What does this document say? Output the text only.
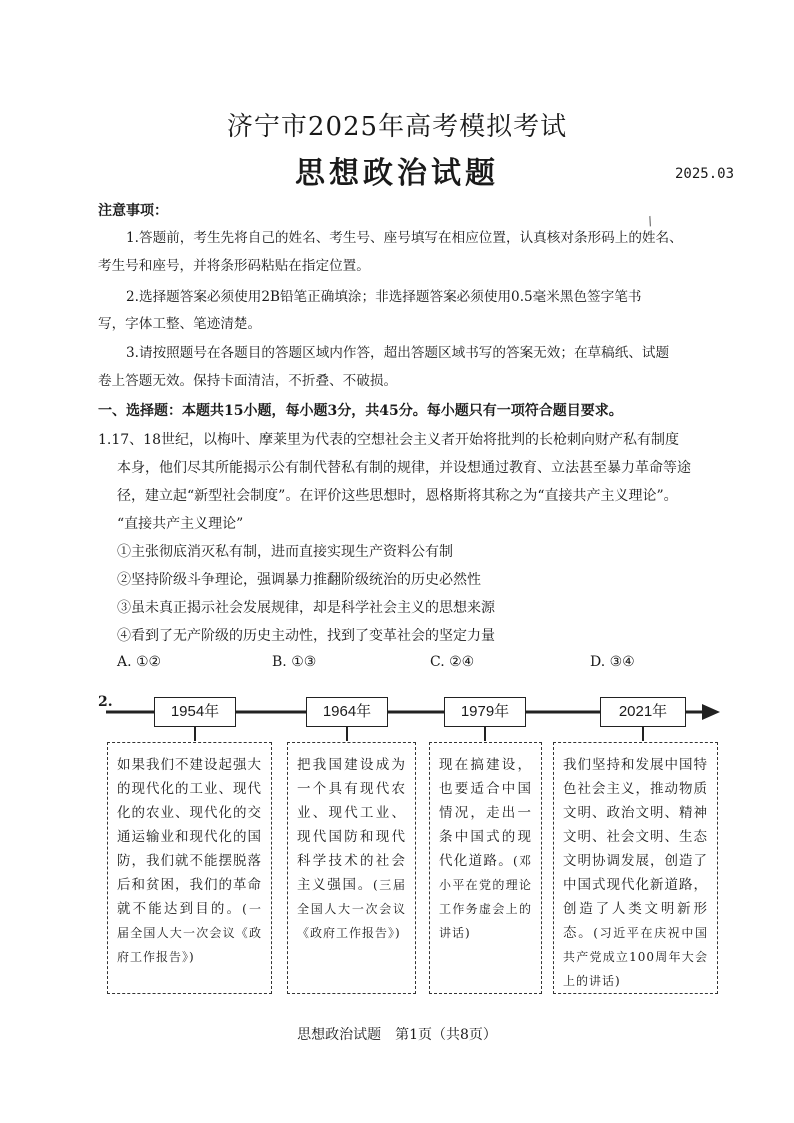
济宁市2025年高考模拟考试
思想政治试题	2025.03
/
注意事项：
1.答题前，考生先将自己的姓名、考生号、座号填写在相应位置，认真核对条形码上的姓名、
考生号和座号，并将条形码粘贴在指定位置。
2.选择题答案必须使用2B铅笔正确填涂；非选择题答案必须使用0.5毫米黑色签字笔书
写，字体工整、笔迹清楚。
3.请按照题号在各题目的答题区域内作答，超出答题区域书写的答案无效；在草稿纸、试题
卷上答题无效。保持卡面清洁，不折叠、不破损。
一、选择题：本题共15小题，每小题3分，共45分。每小题只有一项符合题目要求。
1.17、18世纪，以梅叶、摩莱里为代表的空想社会主义者开始将批判的长枪刺向财产私有制度
本身，他们尽其所能揭示公有制代替私有制的规律，并设想通过教育、立法甚至暴力革命等途
径，建立起“新型社会制度”。在评价这些思想时，恩格斯将其称之为“直接共产主义理论”。
“直接共产主义理论”
①主张彻底消灭私有制，进而直接实现生产资料公有制
②坚持阶级斗争理论，强调暴力推翻阶级统治的历史必然性
③虽未真正揭示社会发展规律，却是科学社会主义的思想来源
④看到了无产阶级的历史主动性，找到了变革社会的坚定力量
A. ①②	B. ①③	C. ②④	D. ③④
2.
1954年	1964年	1979年	2021年
如果我们不建设起强大的现代化的工业、现代化的农业、现代化的交通运输业和现代化的国防，我们就不能摆脱落后和贫困，我们的革命就不能达到目的。(一届全国人大一次会议《政府工作报告》)
把我国建设成为一个具有现代农业、现代工业、现代国防和现代科学技术的社会主义强国。(三届全国人大一次会议《政府工作报告》)
现在搞建设，也要适合中国情况，走出一条中国式的现代化道路。(邓小平在党的理论工作务虚会上的讲话)
我们坚持和发展中国特色社会主义，推动物质文明、政治文明、精神文明、社会文明、生态文明协调发展，创造了中国式现代化新道路，创造了人类文明新形态。(习近平在庆祝中国共产党成立100周年大会上的讲话)
思想政治试题　第1页（共8页）
